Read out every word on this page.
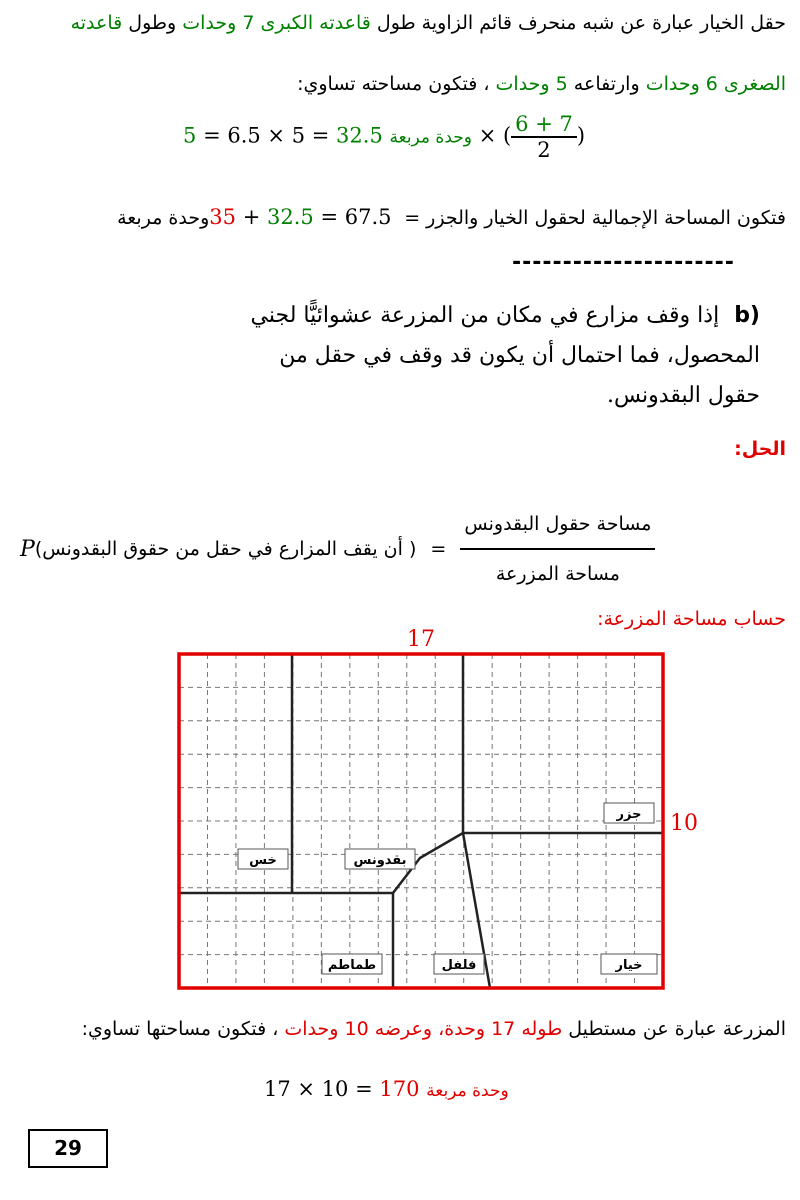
حقل الخيار عبارة عن شبه منحرف قائم الزاوية طول قاعدته الكبرى 7 وحدات وطول قاعدته
الصغرى 6 وحدات وارتفاعه 5 وحدات ، فتكون مساحته تساوي:
وحدة مربعة 32.5 = 5 × 6.5 = 5	× ( $\frac{6 + 7}{2}$ )
فتكون المساحة الإجمالية لحقول الخيار والجزر = 35 + 32.5 = 67.5 وحدة مربعة
----------------------
b) إذا وقف مزارع في مكان من المزرعة عشوائيًّا لجني المحصول، فما احتمال أن يكون قد وقف في حقل من حقول البقدونس.
الحل:
P( أن يقف المزارع في حقل من حقوق البقدونس) = $\frac{\text{مساحة حقول البقدونس}}{\text{مساحة المزرعة}}$
حساب مساحة المزرعة:
17
10
جزر
خس	بقدونس
طماطم	فلفل	خيار
المزرعة عبارة عن مستطيل طوله 17 وحدة، وعرضه 10 وحدات ، فتكون مساحتها تساوي:
وحدة مربعة 170 = 10 × 17
29
